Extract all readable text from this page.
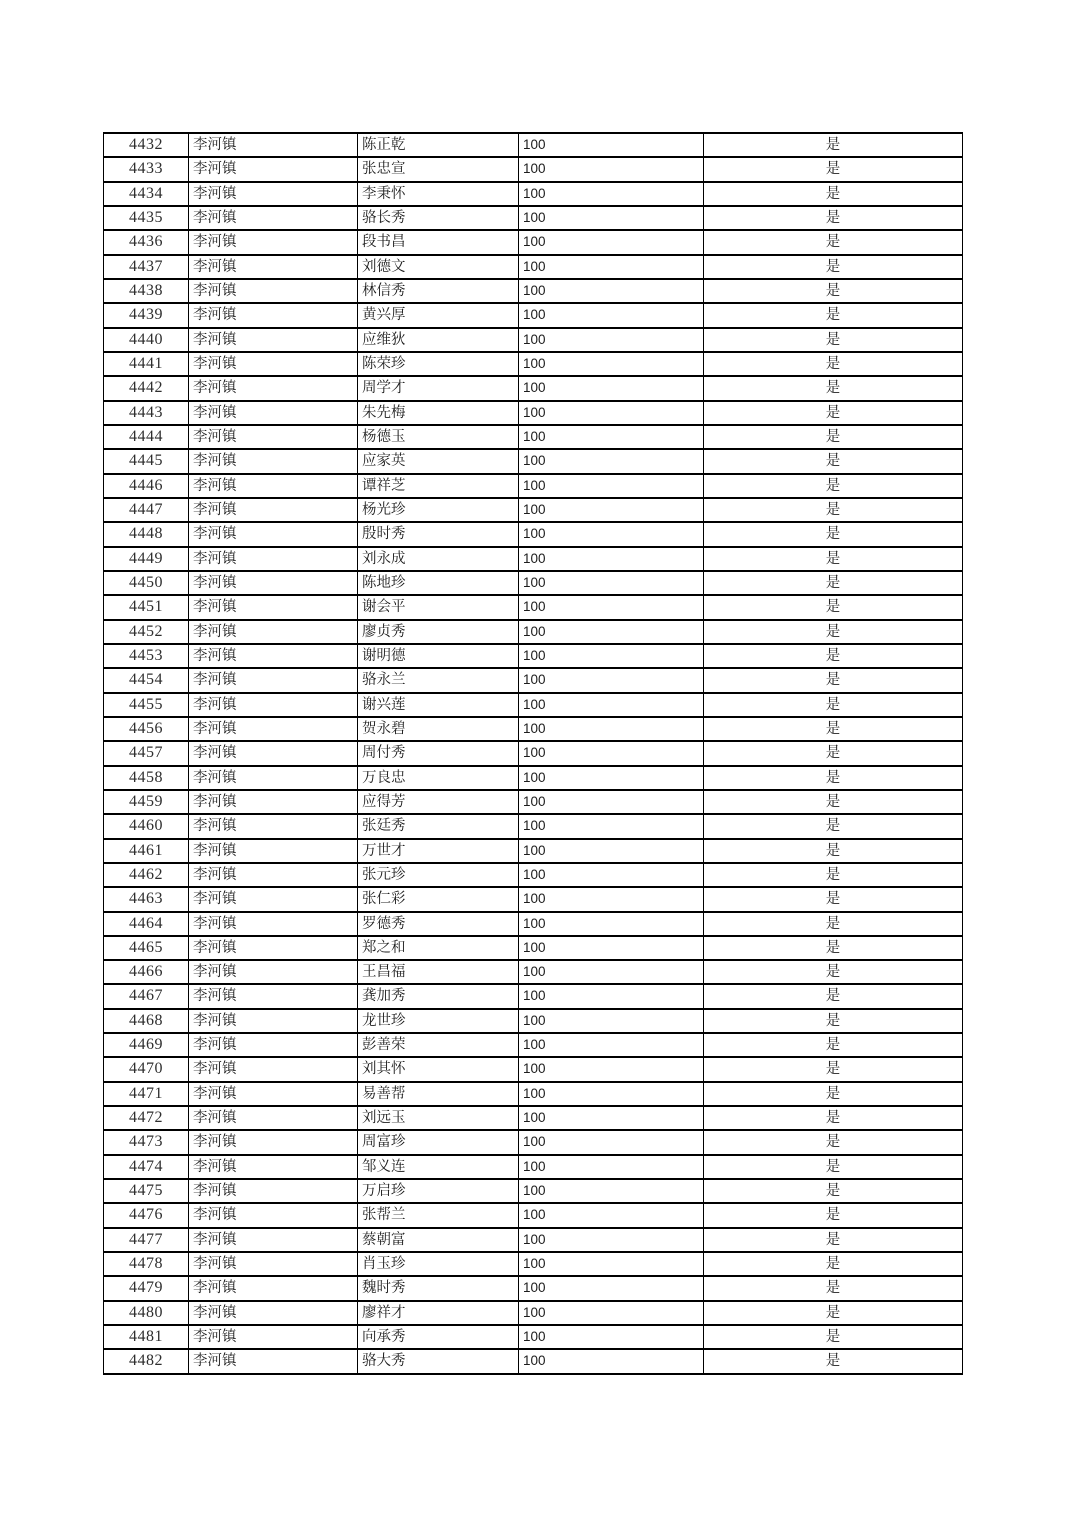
4432	李河镇	陈正乾	100	是
4433	李河镇	张忠宣	100	是
4434	李河镇	李秉怀	100	是
4435	李河镇	骆长秀	100	是
4436	李河镇	段书昌	100	是
4437	李河镇	刘德文	100	是
4438	李河镇	林信秀	100	是
4439	李河镇	黄兴厚	100	是
4440	李河镇	应维狄	100	是
4441	李河镇	陈荣珍	100	是
4442	李河镇	周学才	100	是
4443	李河镇	朱先梅	100	是
4444	李河镇	杨德玉	100	是
4445	李河镇	应家英	100	是
4446	李河镇	谭祥芝	100	是
4447	李河镇	杨光珍	100	是
4448	李河镇	殷时秀	100	是
4449	李河镇	刘永成	100	是
4450	李河镇	陈地珍	100	是
4451	李河镇	谢会平	100	是
4452	李河镇	廖贞秀	100	是
4453	李河镇	谢明德	100	是
4454	李河镇	骆永兰	100	是
4455	李河镇	谢兴莲	100	是
4456	李河镇	贺永碧	100	是
4457	李河镇	周付秀	100	是
4458	李河镇	万良忠	100	是
4459	李河镇	应得芳	100	是
4460	李河镇	张廷秀	100	是
4461	李河镇	万世才	100	是
4462	李河镇	张元珍	100	是
4463	李河镇	张仁彩	100	是
4464	李河镇	罗德秀	100	是
4465	李河镇	郑之和	100	是
4466	李河镇	王昌福	100	是
4467	李河镇	龚加秀	100	是
4468	李河镇	龙世珍	100	是
4469	李河镇	彭善荣	100	是
4470	李河镇	刘其怀	100	是
4471	李河镇	易善帮	100	是
4472	李河镇	刘远玉	100	是
4473	李河镇	周富珍	100	是
4474	李河镇	邹义连	100	是
4475	李河镇	万启珍	100	是
4476	李河镇	张帮兰	100	是
4477	李河镇	蔡朝富	100	是
4478	李河镇	肖玉珍	100	是
4479	李河镇	魏时秀	100	是
4480	李河镇	廖祥才	100	是
4481	李河镇	向承秀	100	是
4482	李河镇	骆大秀	100	是
